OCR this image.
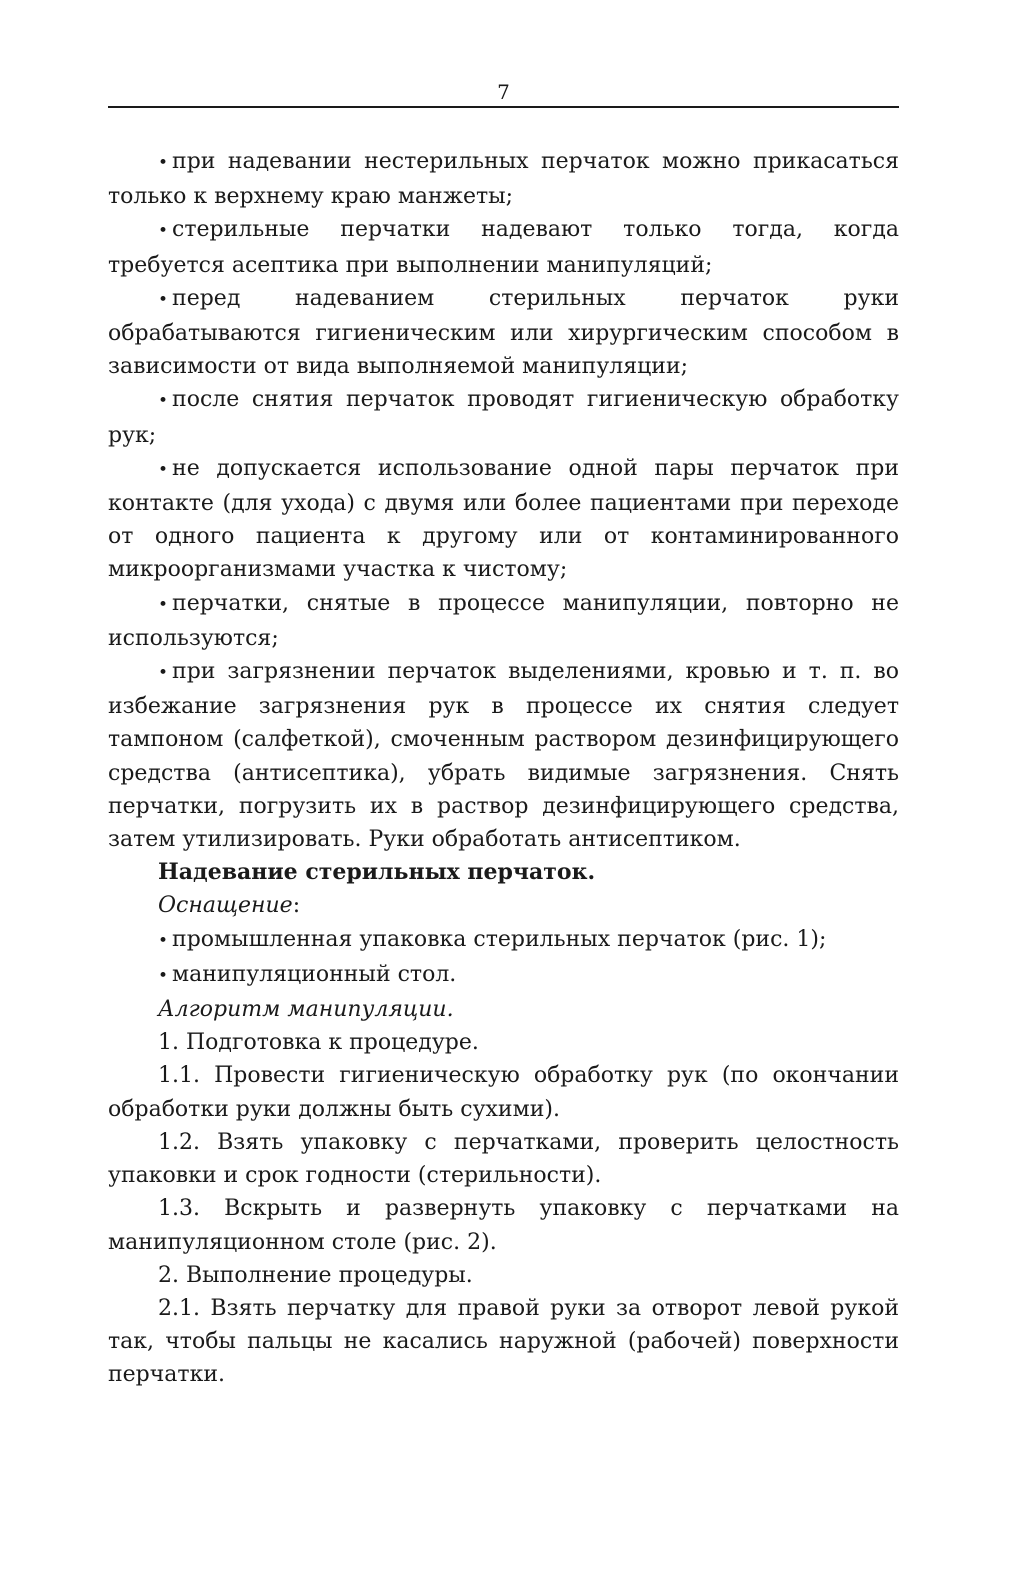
7

• при надевании нестерильных перчаток можно прикасаться только к верхнему краю манжеты;

• стерильные перчатки надевают только тогда, когда требуется асептика при выполнении манипуляций;

• перед надеванием стерильных перчаток руки обрабатываются гигиеническим или хирургическим способом в зависимости от вида выполняемой манипуляции;

• после снятия перчаток проводят гигиеническую обработку рук;

• не допускается использование одной пары перчаток при контакте (для ухода) с двумя или более пациентами при переходе от одного пациента к другому или от контаминированного микроорганизмами участка к чистому;

• перчатки, снятые в процессе манипуляции, повторно не используются;

• при загрязнении перчаток выделениями, кровью и т. п. во избежание загрязнения рук в процессе их снятия следует тампоном (салфеткой), смоченным раствором дезинфицирующего средства (антисептика), убрать видимые загрязнения. Снять перчатки, погрузить их в раствор дезинфицирующего средства, затем утилизировать. Руки обработать антисептиком.

Надевание стерильных перчаток.

Оснащение:

• промышленная упаковка стерильных перчаток (рис. 1);

• манипуляционный стол.

Алгоритм манипуляции.

1. Подготовка к процедуре.

1.1. Провести гигиеническую обработку рук (по окончании обработки руки должны быть сухими).

1.2. Взять упаковку с перчатками, проверить целостность упаковки и срок годности (стерильности).

1.3. Вскрыть и развернуть упаковку с перчатками на манипуляционном столе (рис. 2).

2. Выполнение процедуры.

2.1. Взять перчатку для правой руки за отворот левой рукой так, чтобы пальцы не касались наружной (рабочей) поверхности перчатки.
